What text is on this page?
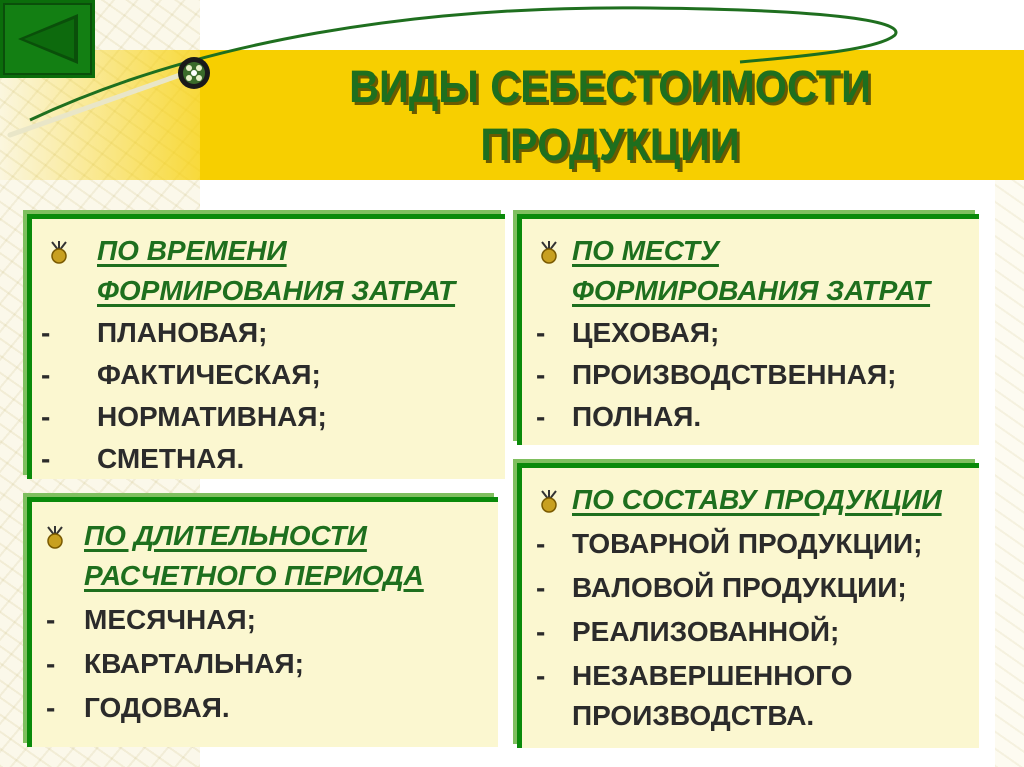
ВИДЫ СЕБЕСТОИМОСТИ
ПРОДУКЦИИ
ПО ВРЕМЕНИ
ФОРМИРОВАНИЯ ЗАТРАТ
-	ПЛАНОВАЯ;
-	ФАКТИЧЕСКАЯ;
-	НОРМАТИВНАЯ;
-	СМЕТНАЯ.
ПО МЕСТУ
ФОРМИРОВАНИЯ ЗАТРАТ
- ЦЕХОВАЯ;
- ПРОИЗВОДСТВЕННАЯ;
- ПОЛНАЯ.
ПО ДЛИТЕЛЬНОСТИ
РАСЧЕТНОГО ПЕРИОДА
-	МЕСЯЧНАЯ;
-	КВАРТАЛЬНАЯ;
-	ГОДОВАЯ.
ПО СОСТАВУ ПРОДУКЦИИ
- ТОВАРНОЙ ПРОДУКЦИИ;
- ВАЛОВОЙ ПРОДУКЦИИ;
- РЕАЛИЗОВАННОЙ;
- НЕЗАВЕРШЕННОГО
ПРОИЗВОДСТВА.
